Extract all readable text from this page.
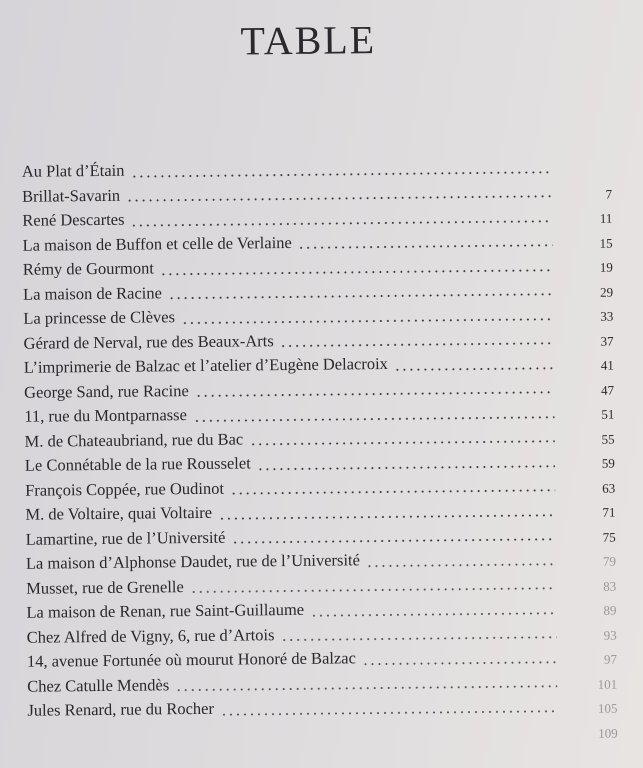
TABLE
Au Plat d’Étain
Brillat-Savarin	7
René Descartes	11
La maison de Buffon et celle de Verlaine	15
Rémy de Gourmont	19
La maison de Racine	29
La princesse de Clèves	33
Gérard de Nerval, rue des Beaux-Arts	37
L’imprimerie de Balzac et l’atelier d’Eugène Delacroix	41
George Sand, rue Racine	47
11, rue du Montparnasse	51
M. de Chateaubriand, rue du Bac	55
Le Connétable de la rue Rousselet	59
François Coppée, rue Oudinot	63
M. de Voltaire, quai Voltaire	71
Lamartine, rue de l’Université	75
La maison d’Alphonse Daudet, rue de l’Université	79
Musset, rue de Grenelle	83
La maison de Renan, rue Saint-Guillaume	89
Chez Alfred de Vigny, 6, rue d’Artois	93
14, avenue Fortunée où mourut Honoré de Balzac	97
Chez Catulle Mendès	101
Jules Renard, rue du Rocher	105
109
